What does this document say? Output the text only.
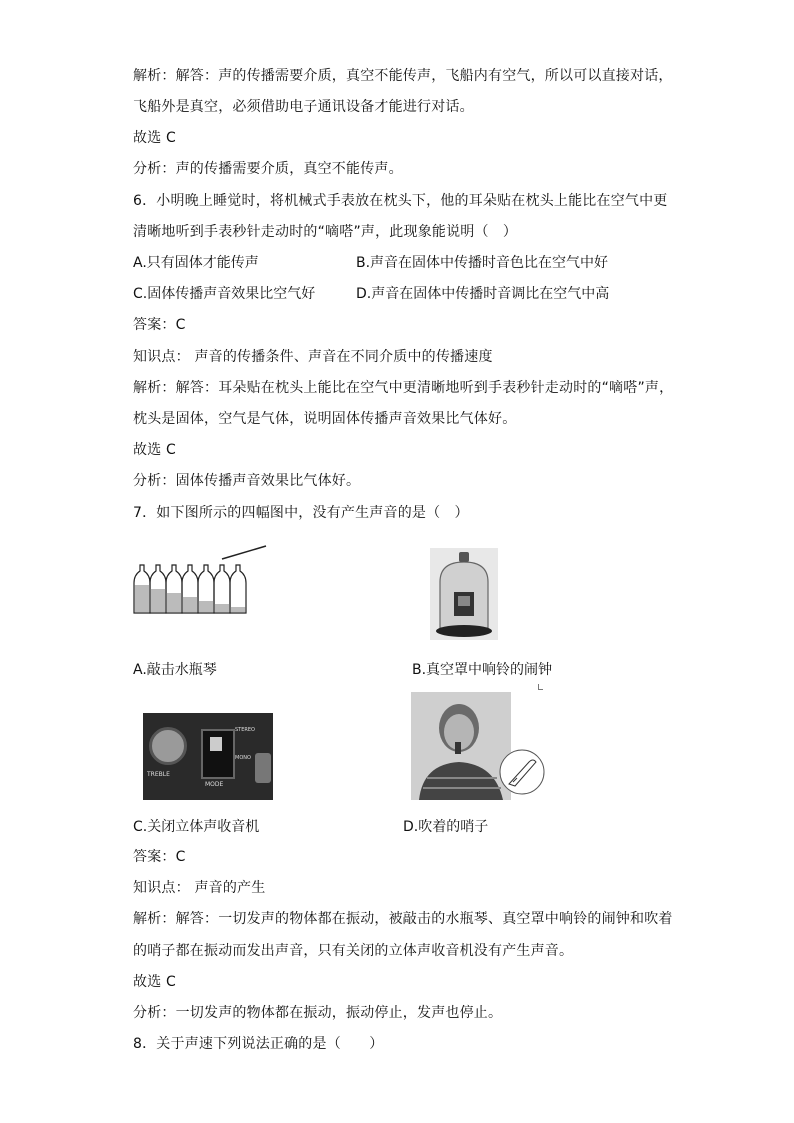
解析：解答：声的传播需要介质，真空不能传声，飞船内有空气，所以可以直接对话，
飞船外是真空，必须借助电子通讯设备才能进行对话。
故选 C
分析：声的传播需要介质，真空不能传声。
6．小明晚上睡觉时，将机械式手表放在枕头下，他的耳朵贴在枕头上能比在空气中更
清晰地听到手表秒针走动时的“嘀嗒”声，此现象能说明（　）
A.只有固体才能传声	B.声音在固体中传播时音色比在空气中好
C.固体传播声音效果比空气好	D.声音在固体中传播时音调比在空气中高
答案：C
知识点： 声音的传播条件、声音在不同介质中的传播速度
解析：解答：耳朵贴在枕头上能比在空气中更清晰地听到手表秒针走动时的“嘀嗒”声，
枕头是固体，空气是气体，说明固体传播声音效果比气体好。
故选 C
分析：固体传播声音效果比气体好。
7．如下图所示的四幅图中，没有产生声音的是（　）
A.敲击水瓶琴	B.真空罩中响铃的闹钟
TREBLE
MODE
STEREO
MONO
C.关闭立体声收音机	D.吹着的哨子
答案：C
知识点： 声音的产生
解析：解答：一切发声的物体都在振动，被敲击的水瓶琴、真空罩中响铃的闹钟和吹着
的哨子都在振动而发出声音，只有关闭的立体声收音机没有产生声音。
故选 C
分析：一切发声的物体都在振动，振动停止，发声也停止。
8．关于声速下列说法正确的是（　　）
